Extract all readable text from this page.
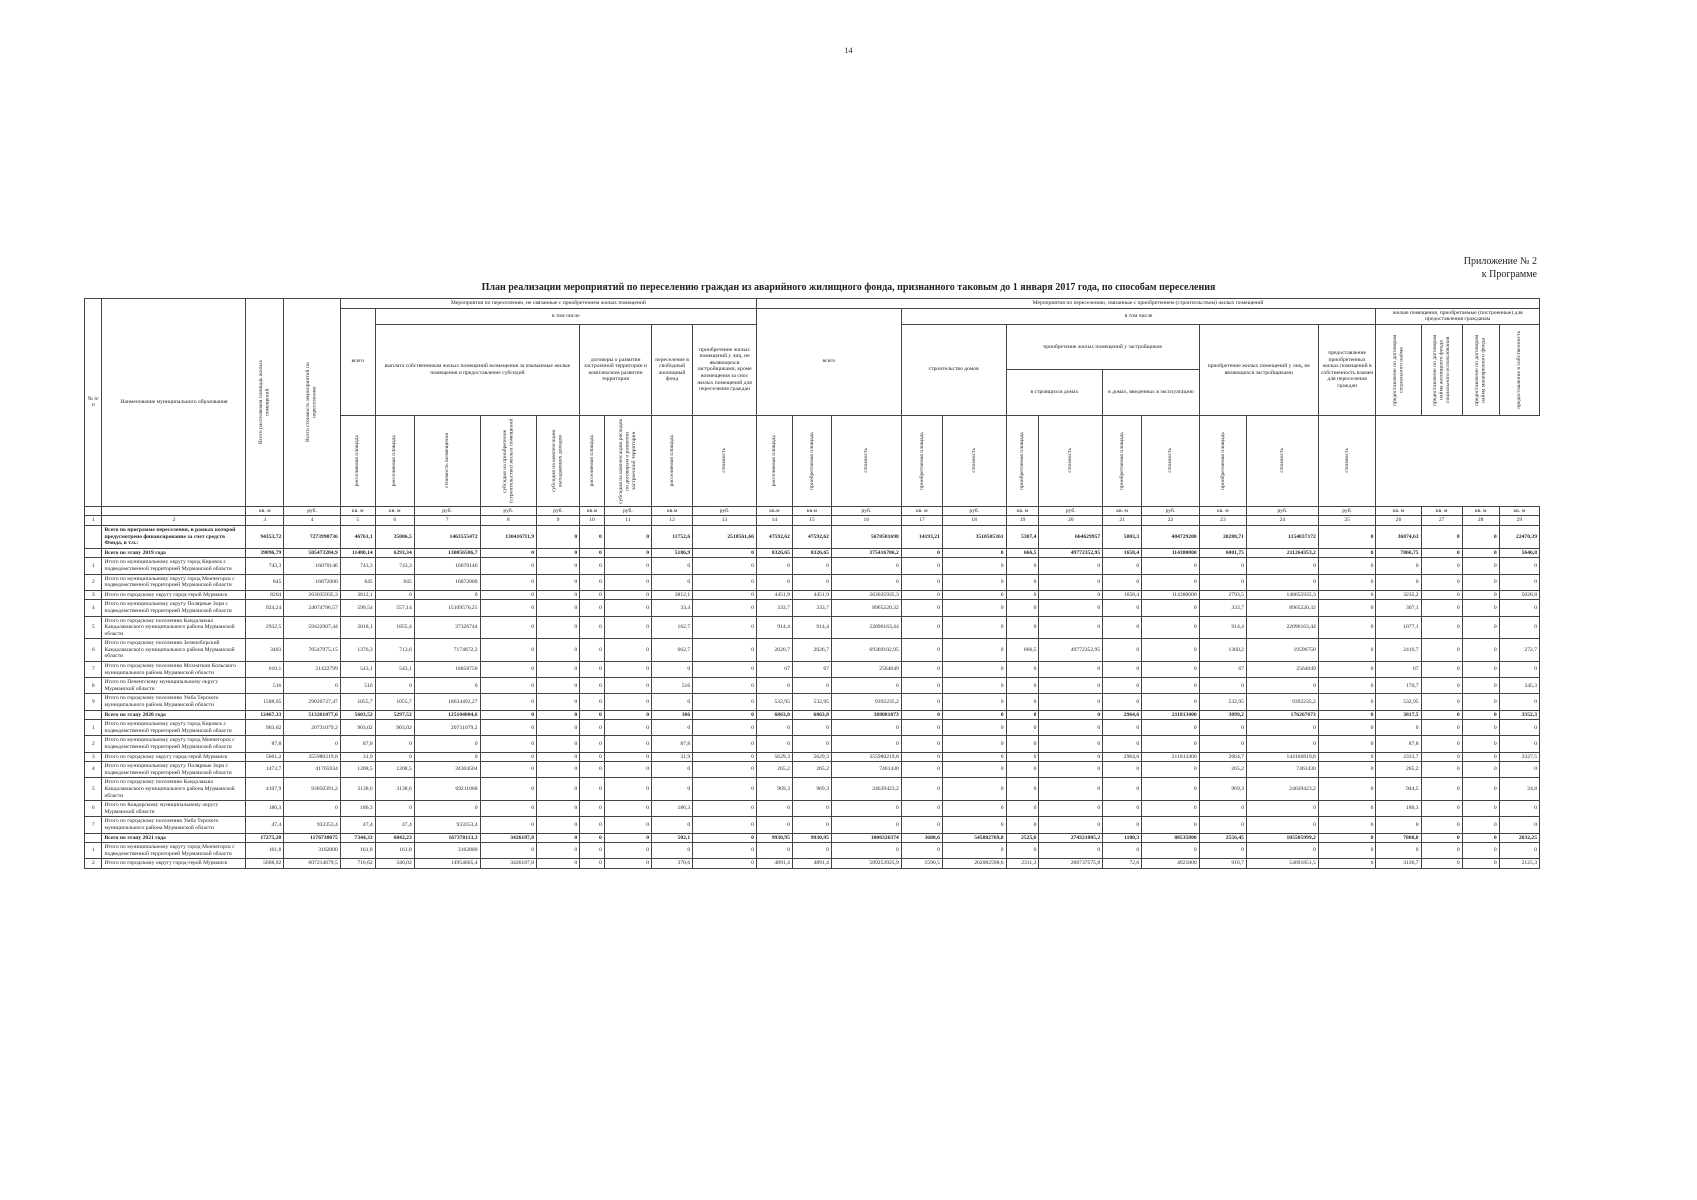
14
Приложение № 2
к Программе
План реализации мероприятий по переселению граждан из аварийного жилищного фонда, признанного таковым до 1 января 2017 года, по способам переселения
№ п/п	Наименование муниципального образования	Всего расселяемая площадь жилых помещений	Всего стоимость мероприятий по переселению	Мероприятия по переселению, не связанные с приобретением жилых помещений									Мероприятия по переселению, связанные с приобретением (строительством) жилых помещений															
				всего	в том числе								всего			в том числе									жилые помещения, приобретаемые (построенные) для предоставления гражданам			
					выплата собственникам жилых помещений возмещения за изымаемые жилые помещения и предоставление субсидий				договоры о развитии застроенной территории и комплексном развитии территории		переселение в свободный жилищный фонд	приобретение жилых помещений у лиц, не являющихся застройщиками, кроме возмещения за снос жилых помещений для переселения граждан				строительство домов		приобретение жилых помещений у застройщиков				приобретение жилых помещений у лиц, не являющихся застройщиками		предоставление приобретенных жилых помещений в собственность взамен для переселения граждан	предоставление по договорам социального найма	предоставление по договорам найма жилищного фонда социального использования	предоставление по договорам найма маневренного фонда	предоставление в собственность

																		в строящихся домах		в домах, введенных в эксплуатацию								

				расселяемая площадь	расселяемая площадь	стоимость возмещения	субсидия на приобретение (строительство) жилых помещений	субсидия на компенсацию выпадающих доходов	расселяемая площадь	субсидия на компенсацию расходов по договорам о развитии застроенной территории	расселяемая площадь	стоимость	расселяемая площадь	приобретаемая площадь	стоимость	приобретаемая площадь	стоимость	приобретаемая площадь	стоимость	приобретаемая площадь	стоимость	приобретаемая площадь	стоимость	стоимость				

		кв. м	руб.	кв. м	кв. м	руб.	руб.	руб.	кв.м	руб.	кв.м	руб.	кв.м	кв.м	руб.	кв. м	руб.	кв. м	руб.	кв. м	руб.	кв. м	руб.	руб.	кв. м	кв. м	кв. м	кв. м
1	2	3	4	5	6	7	8	9	10	11	12	13	14	15	16	17	18	19	20	21	22	23	24	25	26	27	28	29
	Всего по программе переселения, в рамках которой предусмотрено финансирование за счет средств Фонда, в т.ч.:	94353,72	7273990736	46761,1	35006,5	1463555472	1304167I1,9	0	0	0	11752,6	2518561,66	47592,62	47592,62	5678501698	14193,21	3510505361	5307,4	664629957	5803,3	404729200	20288,71	1154837172	0	36874,63	0	0	22470,39
	Всего по этапу 2019 года	39096,79	505473284,9	11480,14	6293,34	130056586,7	0	0	0	0	5186,9	0	8326,65	8326,65	375416706,2	0	0	666,5	49772352,95	1658,4	114380000	6001,75	211264353,2	0	7866,75	0	0	5646,8
1	Итого по муниципальному округу город Кировск с подведомственной территорией Мурманской области	743,3	16070146	743,3	743,3	16070146	0	0	0	0	0	0	0	0	0	0	0	0	0	0	0	0	0	0	0	0	0	0
2	Итого по муниципальному округу город Мончегорск с подведомственной территорией Мурманской области	845	16872000	845	845	16872000	0	0	0	0	0	0	0	0	0	0	0	0	0	0	0	0	0	0	0	0	0	0
3	Итого по городскому округу город-герой Мурманск	8264	263035935,3	3812,1	0	0	0	0	0	0	3812,1	0	4451,9	4451,9	263035935,3	0	0	0	0	1658,4	114380000	2793,5	148655935,3	0	3235,2	0	0	5028,8
4	Итого по муниципальному округу Полярные Зори с подведомственной территорией Мурманской области	924,24	24074796,57	590,54	557,14	15109576,25	0	0	0	0	33,4	0	333,7	333,7	8965220,32	0	0	0	0	0	0	333,7	8965220,32	0	367,1	0	0	0
5	Итого по городскому поселению Кандалакша Кандалакшского муниципального района Мурманской области	2932,5	59422907,44	2018,1	1855,4	37326744	0	0	0	0	162,7	0	914,4	914,4	22096163,44	0	0	0	0	0	0	914,4	22096163,44	0	1077,1	0	0	0
6	Итого по городскому поселению Зеленоборский Кандалакшского муниципального района Мурманской области	3403	76547975,15	1376,3	713,6	7174872,2	0	0	0	0	662,7	0	2026,7	2026,7	69369102,95	0	0	666,5	49772352,95	0	0	1360,2	19596750	0	2416,7	0	0	272,7
7	Итого по городскому поселению Мохнаткин Кольского муниципального района Мурманской области	610,1	21422799	543,1	543,1	18858750	0	0	0	0	0	0	67	67	2564049	0	0	0	0	0	0	67	2564049	0	67	0	0	0
8	Итого по Печенгскому муниципальному округу Мурманской области	516	0	516	0	0	0	0	0	0	516	0	0	0	0	0	0	0	0	0	0	0	0	0	170,7	0	0	345,3
9	Итого по городскому поселению Умба Терского муниципального района Мурманской области	1588,65	29026727,47	1055,7	1055,7	18634492,27	0	0	0	0	0	0	532,95	532,95	9392235,2	0	0	0	0	0	0	532,95	9392235,2	0	532,95	0	0	0
	Всего по этапу 2020 года	12467,33	513261077,6	5603,52	5297,52	125104004,6	0	0	0	0	306	0	6863,8	6863,8	388081073	0	0	0	0	2964,6	211813400	3899,2	176267673	0	3817,5	0	0	3352,3
1	Итого по муниципальному округу город Кировск с подведомственной территорией Мурманской области	903,02	20731079,2	903,02	903,02	20731079,2	0	0	0	0	0	0	0	0	0	0	0	0	0	0	0	0	0	0	0	0	0	0
2	Итого по муниципальному округу город Мончегорск с подведомственной территорией Мурманской области	87,8	0	87,8	0	0	0	0	0	0	87,8	0	0	0	0	0	0	0	0	0	0	0	0	0	87,8	0	0	0
3	Итого по городскому округу город-герой Мурманск	5661,2	355980219,8	31,9	0	0	0	0	0	0	31,9	0	5629,3	5629,3	355980219,8	0	0	0	0	2964,6	211813400	2664,7	144166819,8	0	2333,7	0	0	3327,5
4	Итого по муниципальному округу Полярные Зори с подведомственной территорией Мурманской области	1473,7	41765934	1208,5	1208,5	34304504	0	0	0	0	0	0	265,2	265,2	7461430	0	0	0	0	0	0	265,2	7461430	0	265,2	0	0	0
5	Итого по городскому поселению Кандалакша Кандалакшского муниципального района Мурманской области	4107,9	93850391,2	3138,6	3138,6	69211068	0	0	0	0	0	0	969,3	969,3	24639423,2	0	0	0	0	0	0	969,3	24639423,2	0	944,5	0	0	24,8
6	Итого по Ковдорскому муниципальному округу Мурманской области	186,3	0	186,3	0	0	0	0	0	0	186,3	0	0	0	0	0	0	0	0	0	0	0	0	0	186,3	0	0	0
7	Итого по городскому поселению Умба Терского муниципального района Мурманской области	47,4	933353,4	47,4	47,4	933353,4	0	0	0	0	0	0	0	0	0	0	0	0	0	0	0	0	0	0	0	0	0	0
	Всего по этапу 2021 года	17275,28	1176730675	7344,33	6842,23	167378113,3	3426187,8	0	0	0	502,1	0	9930,95	9930,95	1006326374	3608,6	545882769,8	2525,6	274321805,2	1180,3	88535800	2556,45	105505999,2	0	7800,8	0	0	2632,25
1	Итого по муниципальному округу город Мончегорск с подведомственной территорией Мурманской области	161,8	3162000	161,8	161,8	3162000	0	0	0	0	0	0	0	0	0	0	0	0	0	0	0	0	0	0	0	0	0	0
2	Итого по городскому округу город-герой Мурманск	5608,02	607214679,5	716,62	346,02	14954665,4	3426187,8	0	0	0	370,6	0	4891,4	4891,4	589253925,9	1590,5	262082598,6	2311,3	266737575,8	72,6	4921800	916,7	54691851,5	0	3136,7	0	0	2125,3
